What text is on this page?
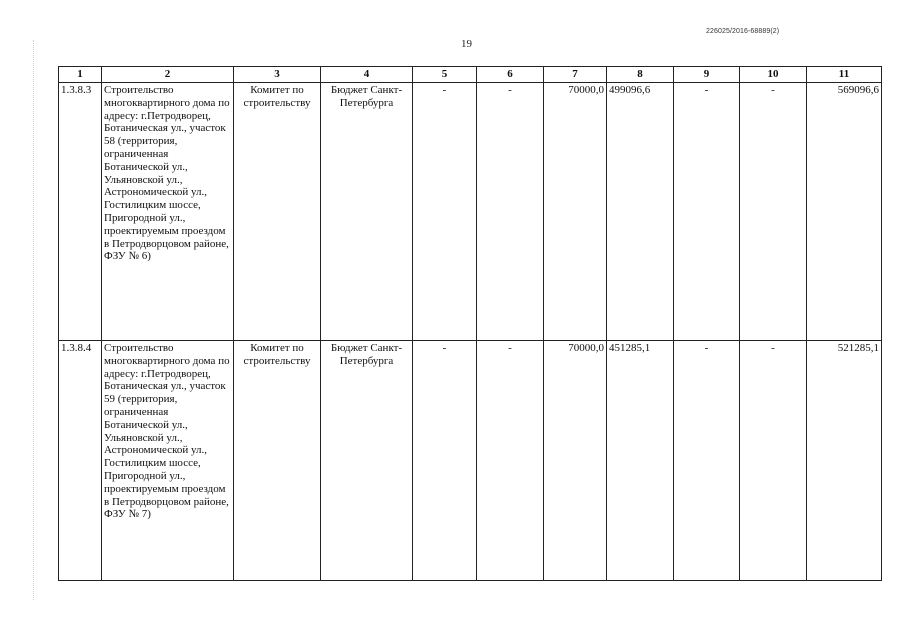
226025/2016-68889(2)
19
1	2	3	4	5	6	7	8	9	10	11
1.3.8.3	Строительство многоквартирного дома по адресу: г.Петродворец, Ботаническая ул., участок 58 (территория, ограниченная Ботанической ул., Ульяновской ул., Астрономической ул., Гостилицким шоссе, Пригородной ул., проектируемым проездом в Петродворцовом районе, ФЗУ № 6)	Комитет по строительству	Бюджет Санкт-Петербурга	-	-	70000,0	499096,6	-	-	569096,6
1.3.8.4	Строительство многоквартирного дома по адресу: г.Петродворец, Ботаническая ул., участок 59 (территория, ограниченная Ботанической ул., Ульяновской ул., Астрономической ул., Гостилицким шоссе, Пригородной ул., проектируемым проездом в Петродворцовом районе, ФЗУ № 7)	Комитет по строительству	Бюджет Санкт-Петербурга	-	-	70000,0	451285,1	-	-	521285,1
